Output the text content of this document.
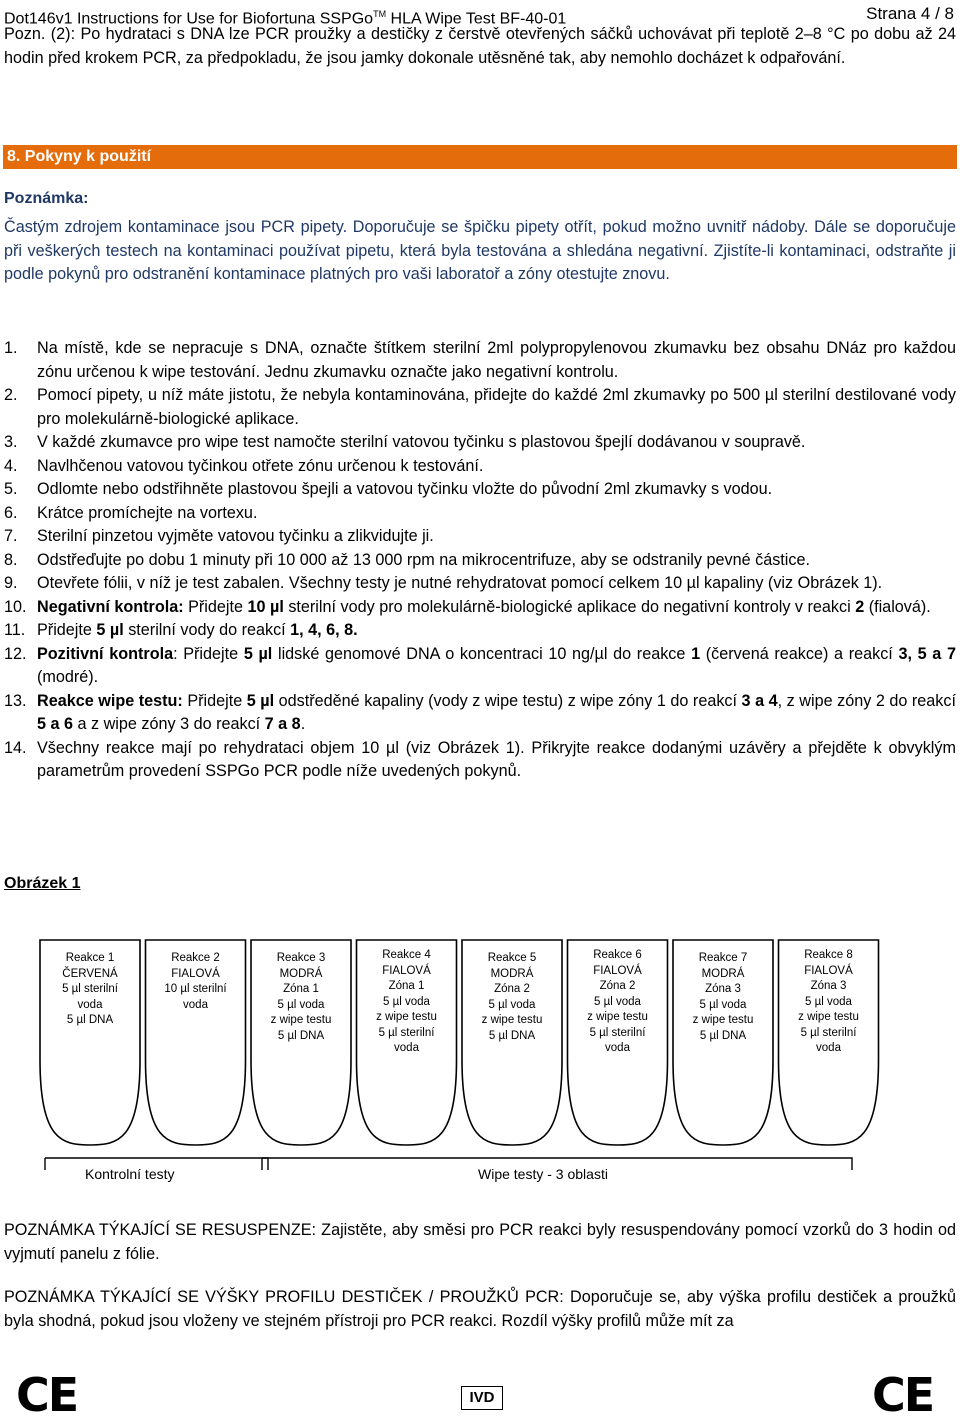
Dot146v1 Instructions for Use for Biofortuna SSPGo™ HLA Wipe Test BF-40-01	Strana 4 / 8
Pozn. (2): Po hydrataci s DNA lze PCR proužky a destičky z čerstvě otevřených sáčků uchovávat při teplotě 2–8 °C po dobu až 24 hodin před krokem PCR, za předpokladu, že jsou jamky dokonale utěsněné tak, aby nemohlo docházet k odpařování.
8. Pokyny k použití
Poznámka:
Častým zdrojem kontaminace jsou PCR pipety. Doporučuje se špičku pipety otřít, pokud možno uvnitř nádoby. Dále se doporučuje při veškerých testech na kontaminaci používat pipetu, která byla testována a shledána negativní. Zjistíte-li kontaminaci, odstraňte ji podle pokynů pro odstranění kontaminace platných pro vaši laboratoř a zóny otestujte znovu.
1. Na místě, kde se nepracuje s DNA, označte štítkem sterilní 2ml polypropylenovou zkumavku bez obsahu DNáz pro každou zónu určenou k wipe testování. Jednu zkumavku označte jako negativní kontrolu.
2. Pomocí pipety, u níž máte jistotu, že nebyla kontaminována, přidejte do každé 2ml zkumavky po 500 µl sterilní destilované vody pro molekulárně-biologické aplikace.
3. V každé zkumavce pro wipe test namočte sterilní vatovou tyčinku s plastovou špejlí dodávanou v soupravě.
4. Navlhčenou vatovou tyčinkou otřete zónu určenou k testování.
5. Odlomte nebo odstřihněte plastovou špejli a vatovou tyčinku vložte do původní 2ml zkumavky s vodou.
6. Krátce promíchejte na vortexu.
7. Sterilní pinzetou vyjměte vatovou tyčinku a zlikvidujte ji.
8. Odstřeďujte po dobu 1 minuty při 10 000 až 13 000 rpm na mikrocentrifuze, aby se odstranily pevné částice.
9. Otevřete fólii, v níž je test zabalen. Všechny testy je nutné rehydratovat pomocí celkem 10 µl kapaliny (viz Obrázek 1).
10. Negativní kontrola: Přidejte 10 µl sterilní vody pro molekulárně-biologické aplikace do negativní kontroly v reakci 2 (fialová).
11. Přidejte 5 µl sterilní vody do reakcí 1, 4, 6, 8.
12. Pozitivní kontrola: Přidejte 5 µl lidské genomové DNA o koncentraci 10 ng/µl do reakce 1 (červená reakce) a reakcí 3, 5 a 7 (modré).
13. Reakce wipe testu: Přidejte 5 µl odstředěné kapaliny (vody z wipe testu) z wipe zóny 1 do reakcí 3 a 4, z wipe zóny 2 do reakcí 5 a 6 a z wipe zóny 3 do reakcí 7 a 8.
14. Všechny reakce mají po rehydrataci objem 10 µl (viz Obrázek 1). Přikryjte reakce dodanými uzávěry a přejděte k obvyklým parametrům provedení SSPGo PCR podle níže uvedených pokynů.
Obrázek 1
Reakce 1
ČERVENÁ
5 µl sterilní
voda
5 µl DNA
Reakce 2
FIALOVÁ
10 µl sterilní
voda
Reakce 3
MODRÁ
Zóna 1
5 µl voda
z wipe testu
5 µl DNA
Reakce 4
FIALOVÁ
Zóna 1
5 µl voda
z wipe testu
5 µl sterilní
voda
Reakce 5
MODRÁ
Zóna 2
5 µl voda
z wipe testu
5 µl DNA
Reakce 6
FIALOVÁ
Zóna 2
5 µl voda
z wipe testu
5 µl sterilní
voda
Reakce 7
MODRÁ
Zóna 3
5 µl voda
z wipe testu
5 µl DNA
Reakce 8
FIALOVÁ
Zóna 3
5 µl voda
z wipe testu
5 µl sterilní
voda
Kontrolní testy	Wipe testy - 3 oblasti
POZNÁMKA TÝKAJÍCÍ SE RESUSPENZE: Zajistěte, aby směsi pro PCR reakci byly resuspendovány pomocí vzorků do 3 hodin od vyjmutí panelu z fólie.
POZNÁMKA TÝKAJÍCÍ SE VÝŠKY PROFILU DESTIČEK / PROUŽKŮ PCR: Doporučuje se, aby výška profilu destiček a proužků byla shodná, pokud jsou vloženy ve stejném přístroji pro PCR reakci. Rozdíl výšky profilů může mít za
CE	IVD	CE
